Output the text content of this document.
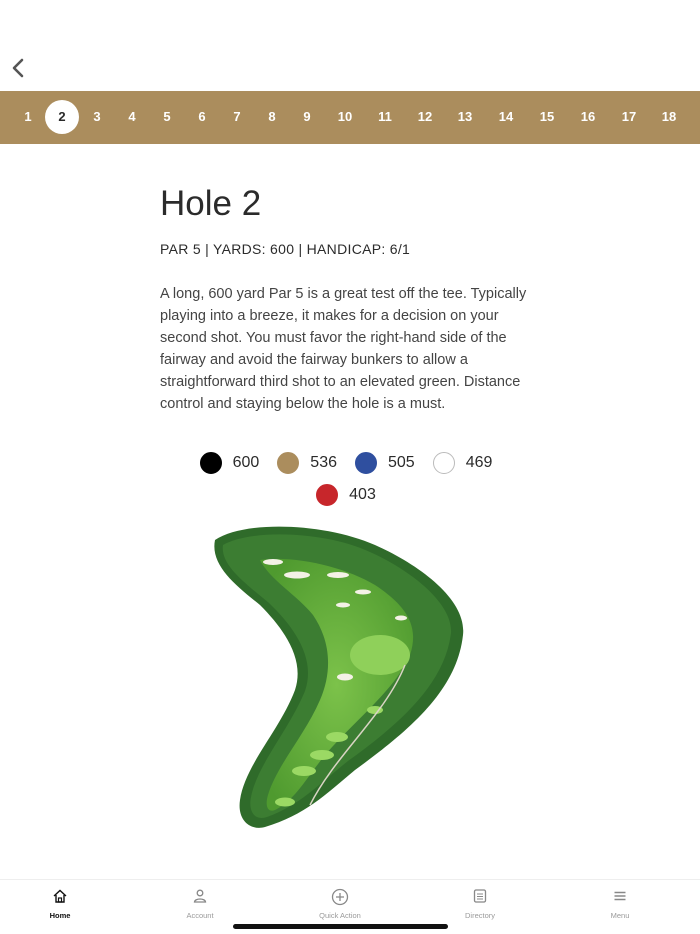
1	2	3	4	5	6	7	8	9	10	11	12	13	14	15	16	17	18
Hole 2
PAR 5 | YARDS: 600 | HANDICAP: 6/1

A long, 600 yard Par 5 is a great test off the tee. Typically playing into a breeze, it makes for a decision on your second shot. You must favor the right-hand side of the fairway and avoid the fairway bunkers to allow a straightforward third shot to an elevated green. Distance control and staying below the hole is a must.

600	536	505	469
403
Home	Account	Quick Action	Directory	Menu
